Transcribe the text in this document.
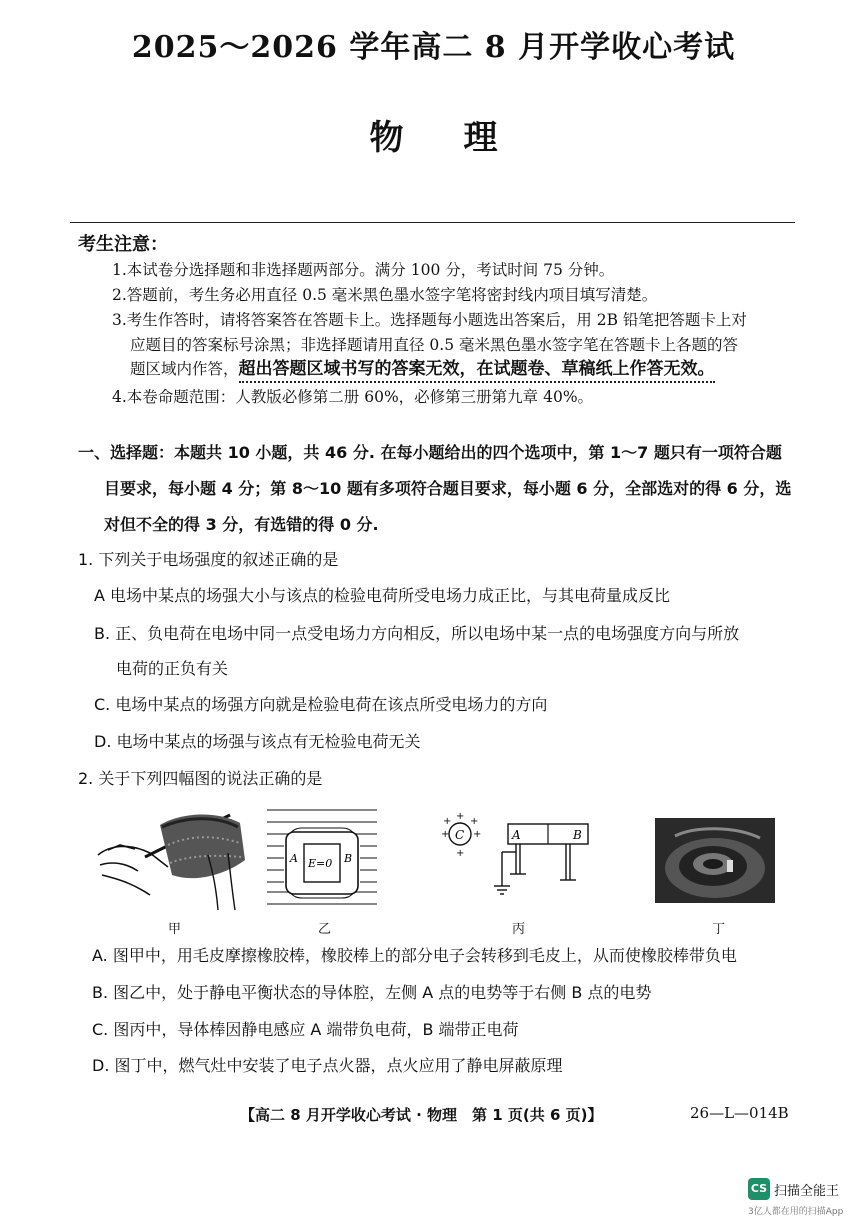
2025～2026 学年高二 8 月开学收心考试
物理
考生注意：
1.本试卷分选择题和非选择题两部分。满分 100 分，考试时间 75 分钟。
2.答题前，考生务必用直径 0.5 毫米黑色墨水签字笔将密封线内项目填写清楚。
3.考生作答时，请将答案答在答题卡上。选择题每小题选出答案后，用 2B 铅笔把答题卡上对
应题目的答案标号涂黑；非选择题请用直径 0.5 毫米黑色墨水签字笔在答题卡上各题的答
题区域内作答，超出答题区域书写的答案无效，在试题卷、草稿纸上作答无效。
4.本卷命题范围：人教版必修第二册 60%，必修第三册第九章 40%。
一、选择题：本题共 10 小题，共 46 分. 在每小题给出的四个选项中，第 1～7 题只有一项符合题
目要求，每小题 4 分；第 8～10 题有多项符合题目要求，每小题 6 分，全部选对的得 6 分，选
对但不全的得 3 分，有选错的得 0 分.
1. 下列关于电场强度的叙述正确的是
A 电场中某点的场强大小与该点的检验电荷所受电场力成正比，与其电荷量成反比
B. 正、负电荷在电场中同一点受电场力方向相反，所以电场中某一点的电场强度方向与所放
电荷的正负有关
C. 电场中某点的场强方向就是检验电荷在该点所受电场力的方向
D. 电场中某点的场强与该点有无检验电荷无关
2. 关于下列四幅图的说法正确的是
A	B
E=0
C
+
+
+ +
+ +
A	B
甲	乙	丙	丁
A. 图甲中，用毛皮摩擦橡胶棒，橡胶棒上的部分电子会转移到毛皮上，从而使橡胶棒带负电
B. 图乙中，处于静电平衡状态的导体腔，左侧 A 点的电势等于右侧 B 点的电势
C. 图丙中，导体棒因静电感应 A 端带负电荷，B 端带正电荷
D. 图丁中，燃气灶中安装了电子点火器，点火应用了静电屏蔽原理
【高二 8 月开学收心考试 · 物理　第 1 页(共 6 页)】	26—L—014B
CS 扫描全能王
3亿人都在用的扫描App
